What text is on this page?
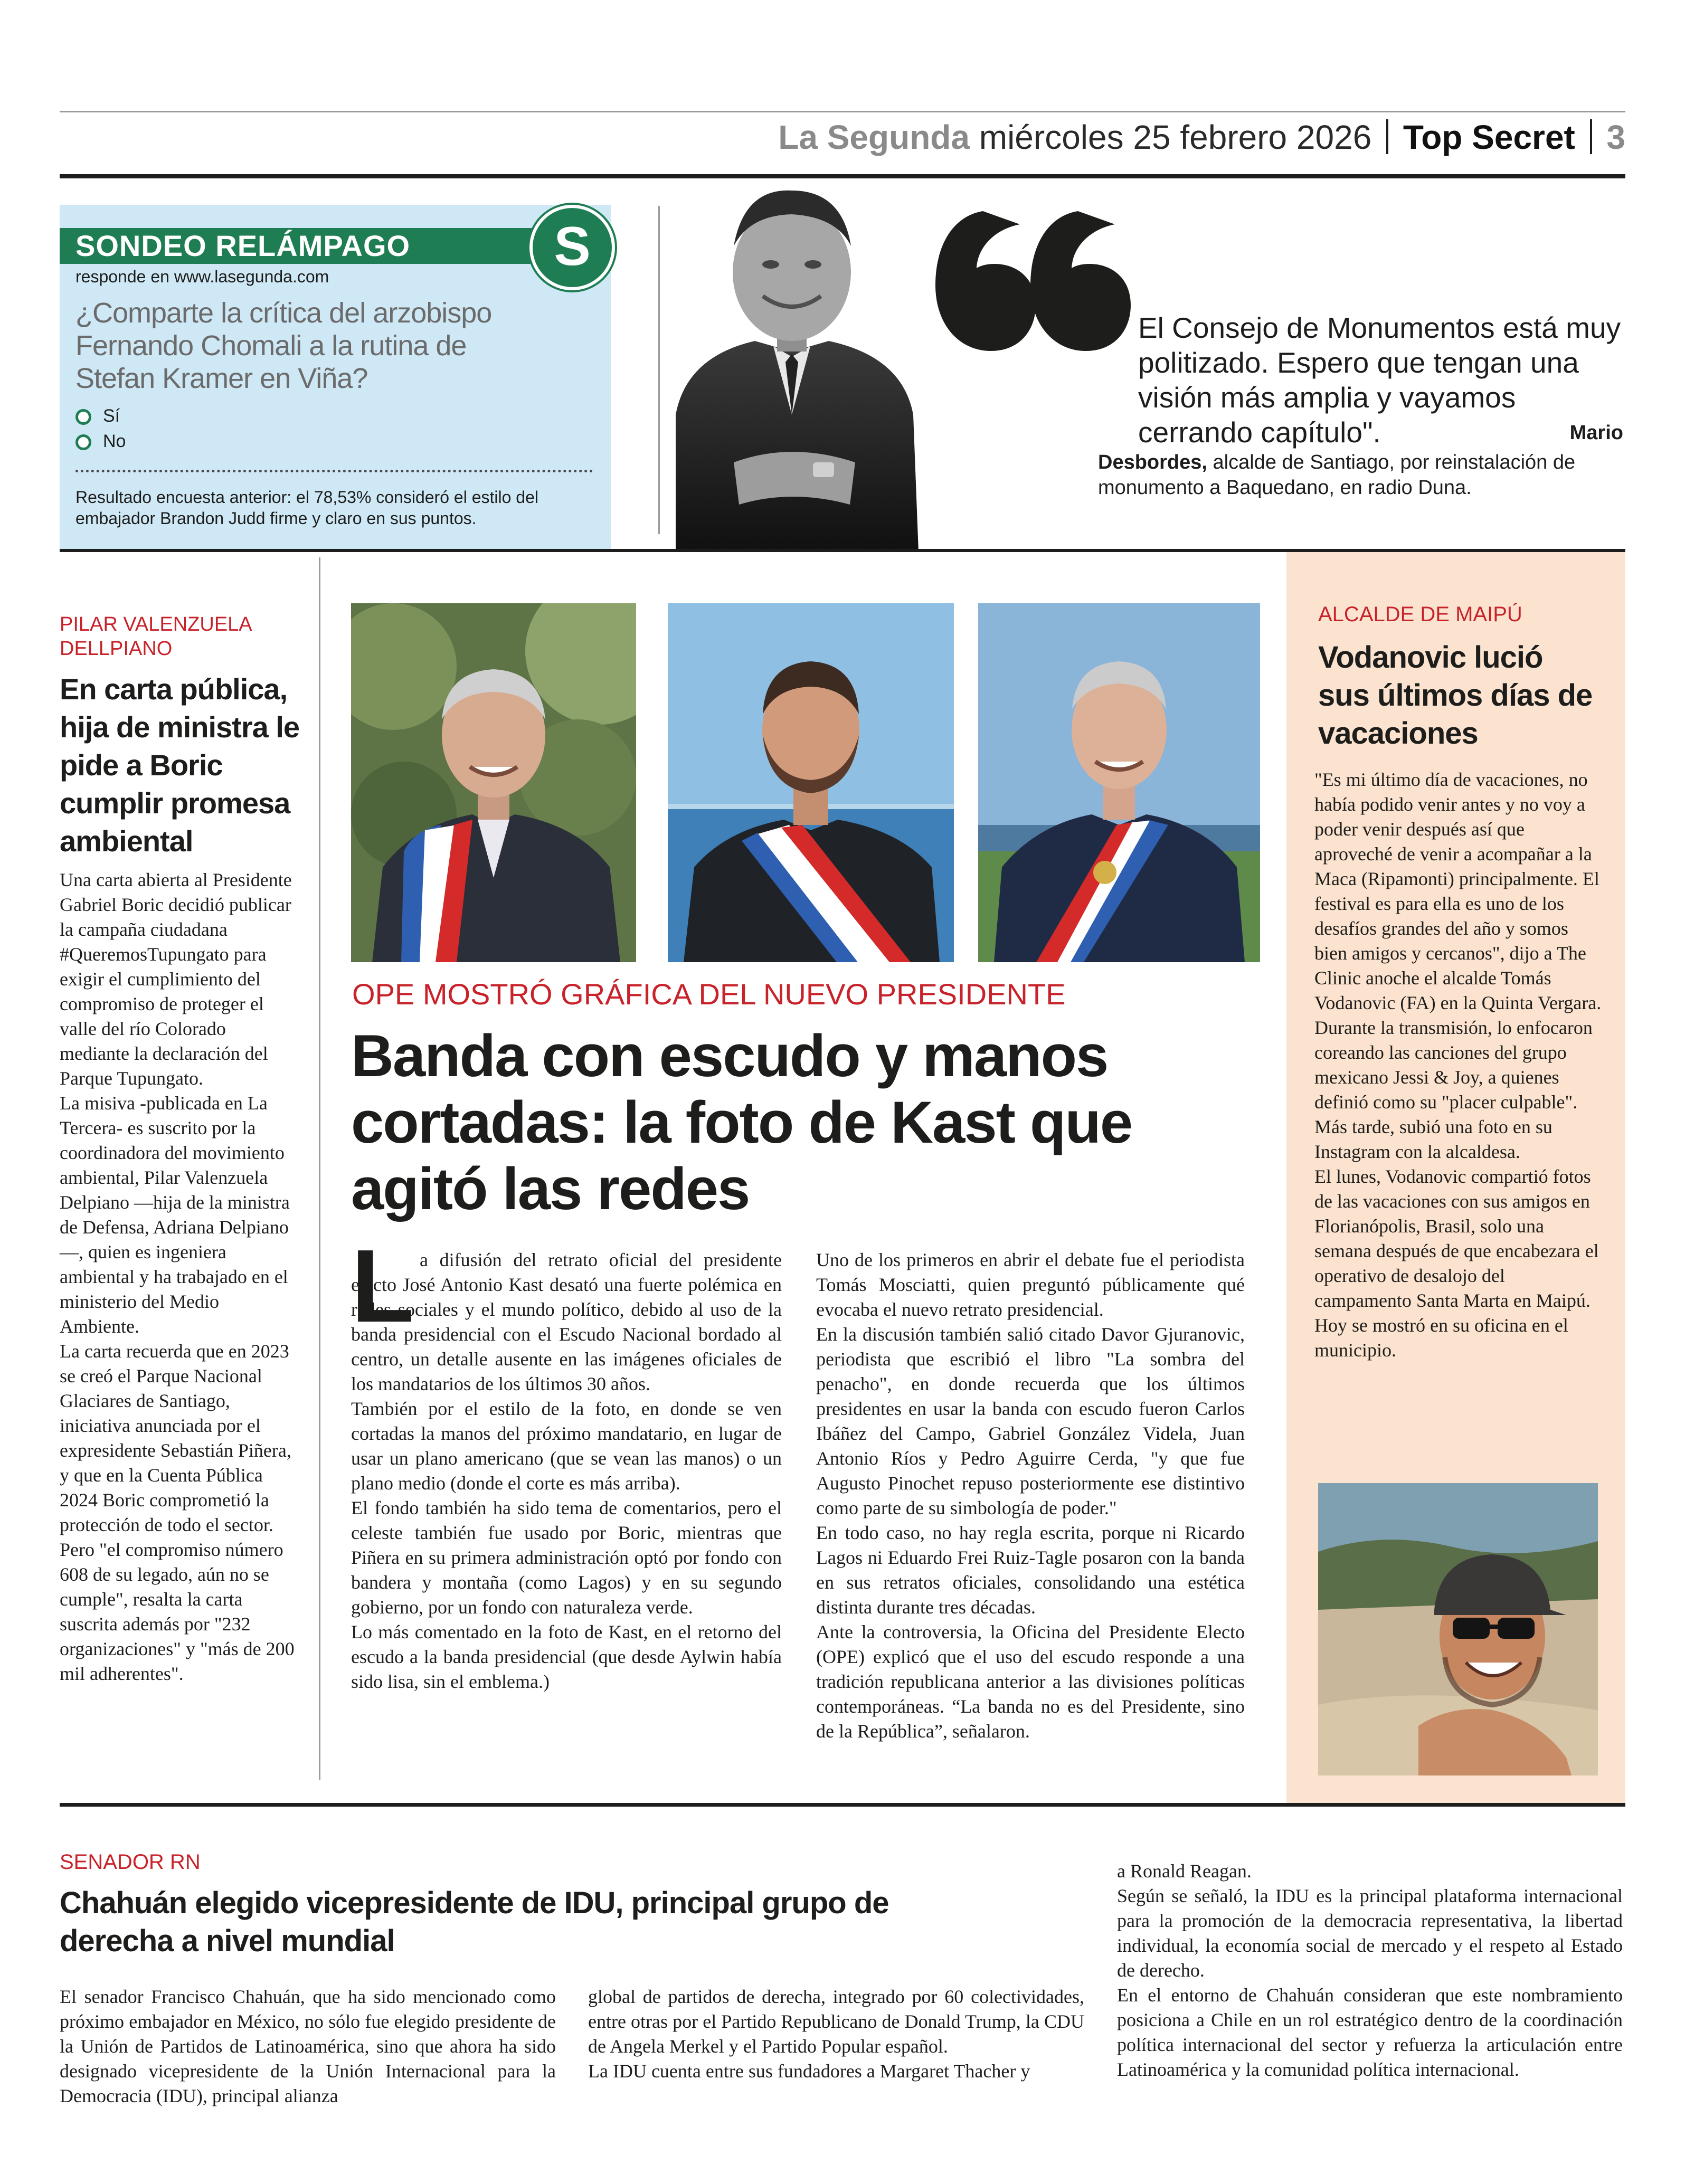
La Segunda miércoles 25 febrero 2026 Top Secret 3
SONDEO RELÁMPAGO	S
responde en www.lasegunda.com
¿Comparte la crítica del arzobispo Fernando Chomali a la rutina de Stefan Kramer en Viña?
Sí
No
Resultado encuesta anterior: el 78,53% consideró el estilo del embajador Brandon Judd firme y claro en sus puntos.
El Consejo de Monumentos está muy politizado. Espero que tengan una visión más amplia y vayamos cerrando capítulo".	Mario
Desbordes, alcalde de Santiago, por reinstalación de monumento a Baquedano, en radio Duna.
PILAR VALENZUELA DELLPIANO
En carta pública, hija de ministra le pide a Boric cumplir promesa ambiental

Una carta abierta al Presidente Gabriel Boric decidió publicar la campaña ciudadana #QueremosTupungato para exigir el cumplimiento del compromiso de proteger el valle del río Colorado mediante la declaración del Parque Tupungato.

La misiva -publicada en La Tercera- es suscrito por la coordinadora del movimiento ambiental, Pilar Valenzuela Delpiano —hija de la ministra de Defensa, Adriana Delpiano—, quien es ingeniera ambiental y ha trabajado en el ministerio del Medio Ambiente.

La carta recuerda que en 2023 se creó el Parque Nacional Glaciares de Santiago, iniciativa anunciada por el expresidente Sebastián Piñera, y que en la Cuenta Pública 2024 Boric comprometió la protección de todo el sector.

Pero "el compromiso número 608 de su legado, aún no se cumple", resalta la carta suscrita además por "232 organizaciones" y "más de 200 mil adherentes".

OPE MOSTRÓ GRÁFICA DEL NUEVO PRESIDENTE
Banda con escudo y manos cortadas: la foto de Kast que agitó las redes
L a difusión del retrato oficial del presidente electo José Antonio Kast desató una fuerte polémica en redes sociales y el mundo político, debido al uso de la banda presidencial con el Escudo Nacional bordado al centro, un detalle ausente en las imágenes oficiales de los mandatarios de los últimos 30 años.

También por el estilo de la foto, en donde se ven cortadas la manos del próximo mandatario, en lugar de usar un plano americano (que se vean las manos) o un plano medio (donde el corte es más arriba).

El fondo también ha sido tema de comentarios, pero el celeste también fue usado por Boric, mientras que Piñera en su primera administración optó por fondo con bandera y montaña (como Lagos) y en su segundo gobierno, por un fondo con naturaleza verde.

Lo más comentado en la foto de Kast, en el retorno del escudo a la banda presidencial (que desde Aylwin había sido lisa, sin el emblema.)

Uno de los primeros en abrir el debate fue el periodista Tomás Mosciatti, quien preguntó públicamente qué evocaba el nuevo retrato presidencial.

En la discusión también salió citado Davor Gjuranovic, periodista que escribió el libro "La sombra del penacho", en donde recuerda que los últimos presidentes en usar la banda con escudo fueron Carlos Ibáñez del Campo, Gabriel González Videla, Juan Antonio Ríos y Pedro Aguirre Cerda, "y que fue Augusto Pinochet repuso posteriormente ese distintivo como parte de su simbología de poder."

En todo caso, no hay regla escrita, porque ni Ricardo Lagos ni Eduardo Frei Ruiz-Tagle posaron con la banda en sus retratos oficiales, consolidando una estética distinta durante tres décadas.

Ante la controversia, la Oficina del Presidente Electo (OPE) explicó que el uso del escudo responde a una tradición republicana anterior a las divisiones políticas contemporáneas. “La banda no es del Presidente, sino de la República”, señalaron.

ALCALDE DE MAIPÚ
Vodanovic lució sus últimos días de vacaciones

"Es mi último día de vacaciones, no había podido venir antes y no voy a poder venir después así que aproveché de venir a acompañar a la Maca (Ripamonti) principalmente. El festival es para ella es uno de los desafíos grandes del año y somos bien amigos y cercanos", dijo a The Clinic anoche el alcalde Tomás Vodanovic (FA) en la Quinta Vergara.

Durante la transmisión, lo enfocaron coreando las canciones del grupo mexicano Jessi & Joy, a quienes definió como su "placer culpable".

Más tarde, subió una foto en su Instagram con la alcaldesa.

El lunes, Vodanovic compartió fotos de las vacaciones con sus amigos en Florianópolis, Brasil, solo una semana después de que encabezara el operativo de desalojo del campamento Santa Marta en Maipú. Hoy se mostró en su oficina en el municipio.

SENADOR RN
Chahuán elegido vicepresidente de IDU, principal grupo de derecha a nivel mundial

El senador Francisco Chahuán, que ha sido mencionado como próximo embajador en México, no sólo fue elegido presidente de la Unión de Partidos de Latinoamérica, sino que ahora ha sido designado vicepresidente de la Unión Internacional para la Democracia (IDU), principal alianza

global de partidos de derecha, integrado por 60 colectividades, entre otras por el Partido Republicano de Donald Trump, la CDU de Angela Merkel y el Partido Popular español.

La IDU cuenta entre sus fundadores a Margaret Thacher y

a Ronald Reagan.

Según se señaló, la IDU es la principal plataforma internacional para la promoción de la democracia representativa, la libertad individual, la economía social de mercado y el respeto al Estado de derecho.

En el entorno de Chahuán consideran que este nombramiento posiciona a Chile en un rol estratégico dentro de la coordinación política internacional del sector y refuerza la articulación entre Latinoamérica y la comunidad política internacional.
